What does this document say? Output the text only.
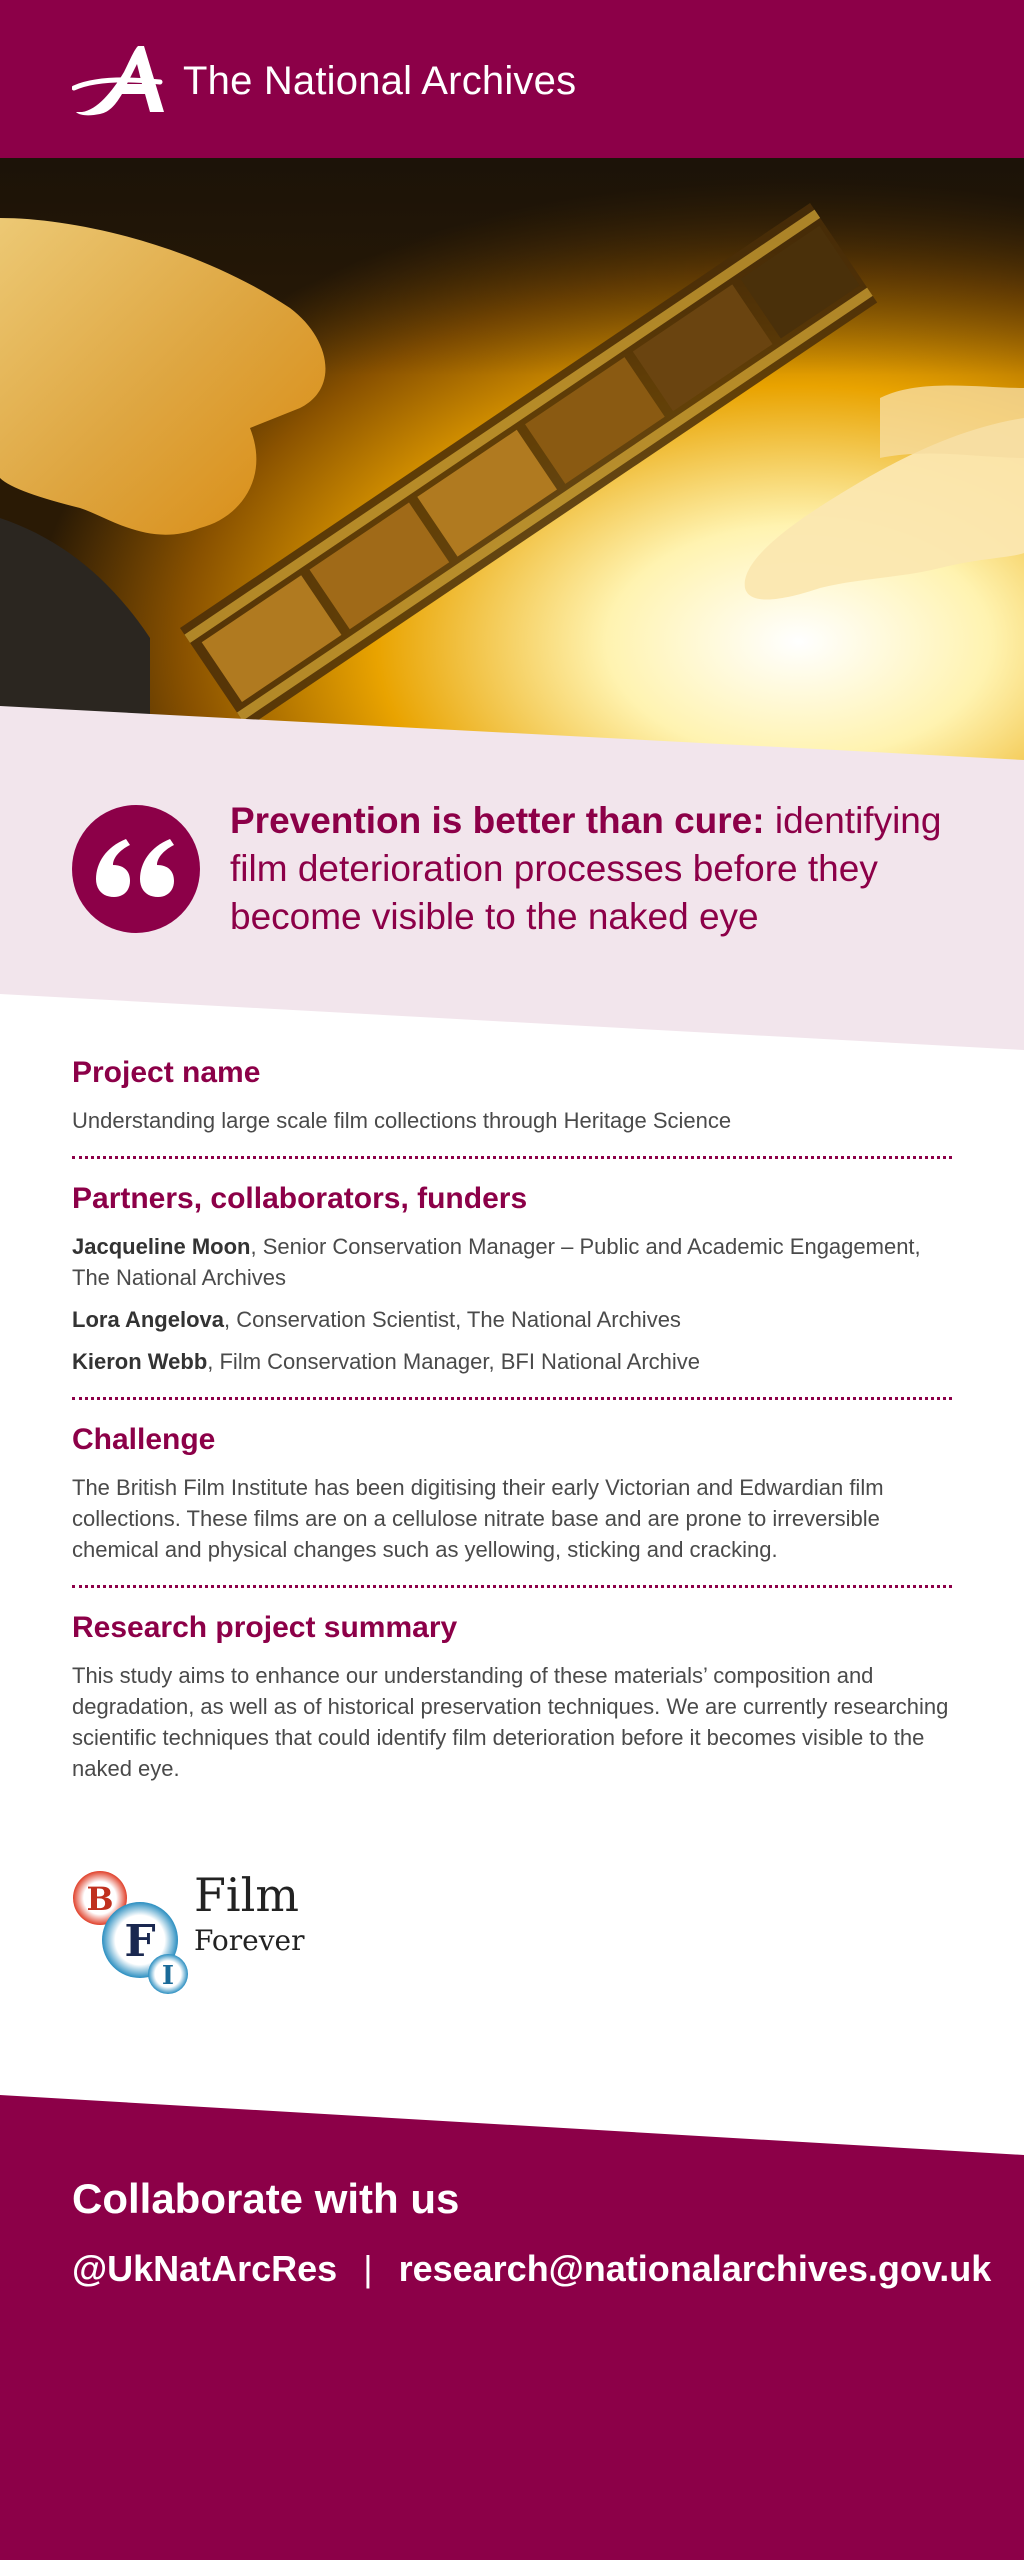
The National Archives
Prevention is better than cure: identifying film deterioration processes before they become visible to the naked eye
Project name
Understanding large scale film collections through Heritage Science
Partners, collaborators, funders
Jacqueline Moon, Senior Conservation Manager – Public and Academic Engagement, The National Archives
Lora Angelova, Conservation Scientist, The National Archives
Kieron Webb, Film Conservation Manager, BFI National Archive
Challenge
The British Film Institute has been digitising their early Victorian and Edwardian film collections. These films are on a cellulose nitrate base and are prone to irreversible chemical and physical changes such as yellowing, sticking and cracking.
Research project summary
This study aims to enhance our understanding of these materials’ composition and degradation, as well as of historical preservation techniques. We are currently researching scientific techniques that could identify film deterioration before it becomes visible to the naked eye.
B
F
I
Film
Forever
Collaborate with us
@UkNatArcRes | research@nationalarchives.gov.uk
